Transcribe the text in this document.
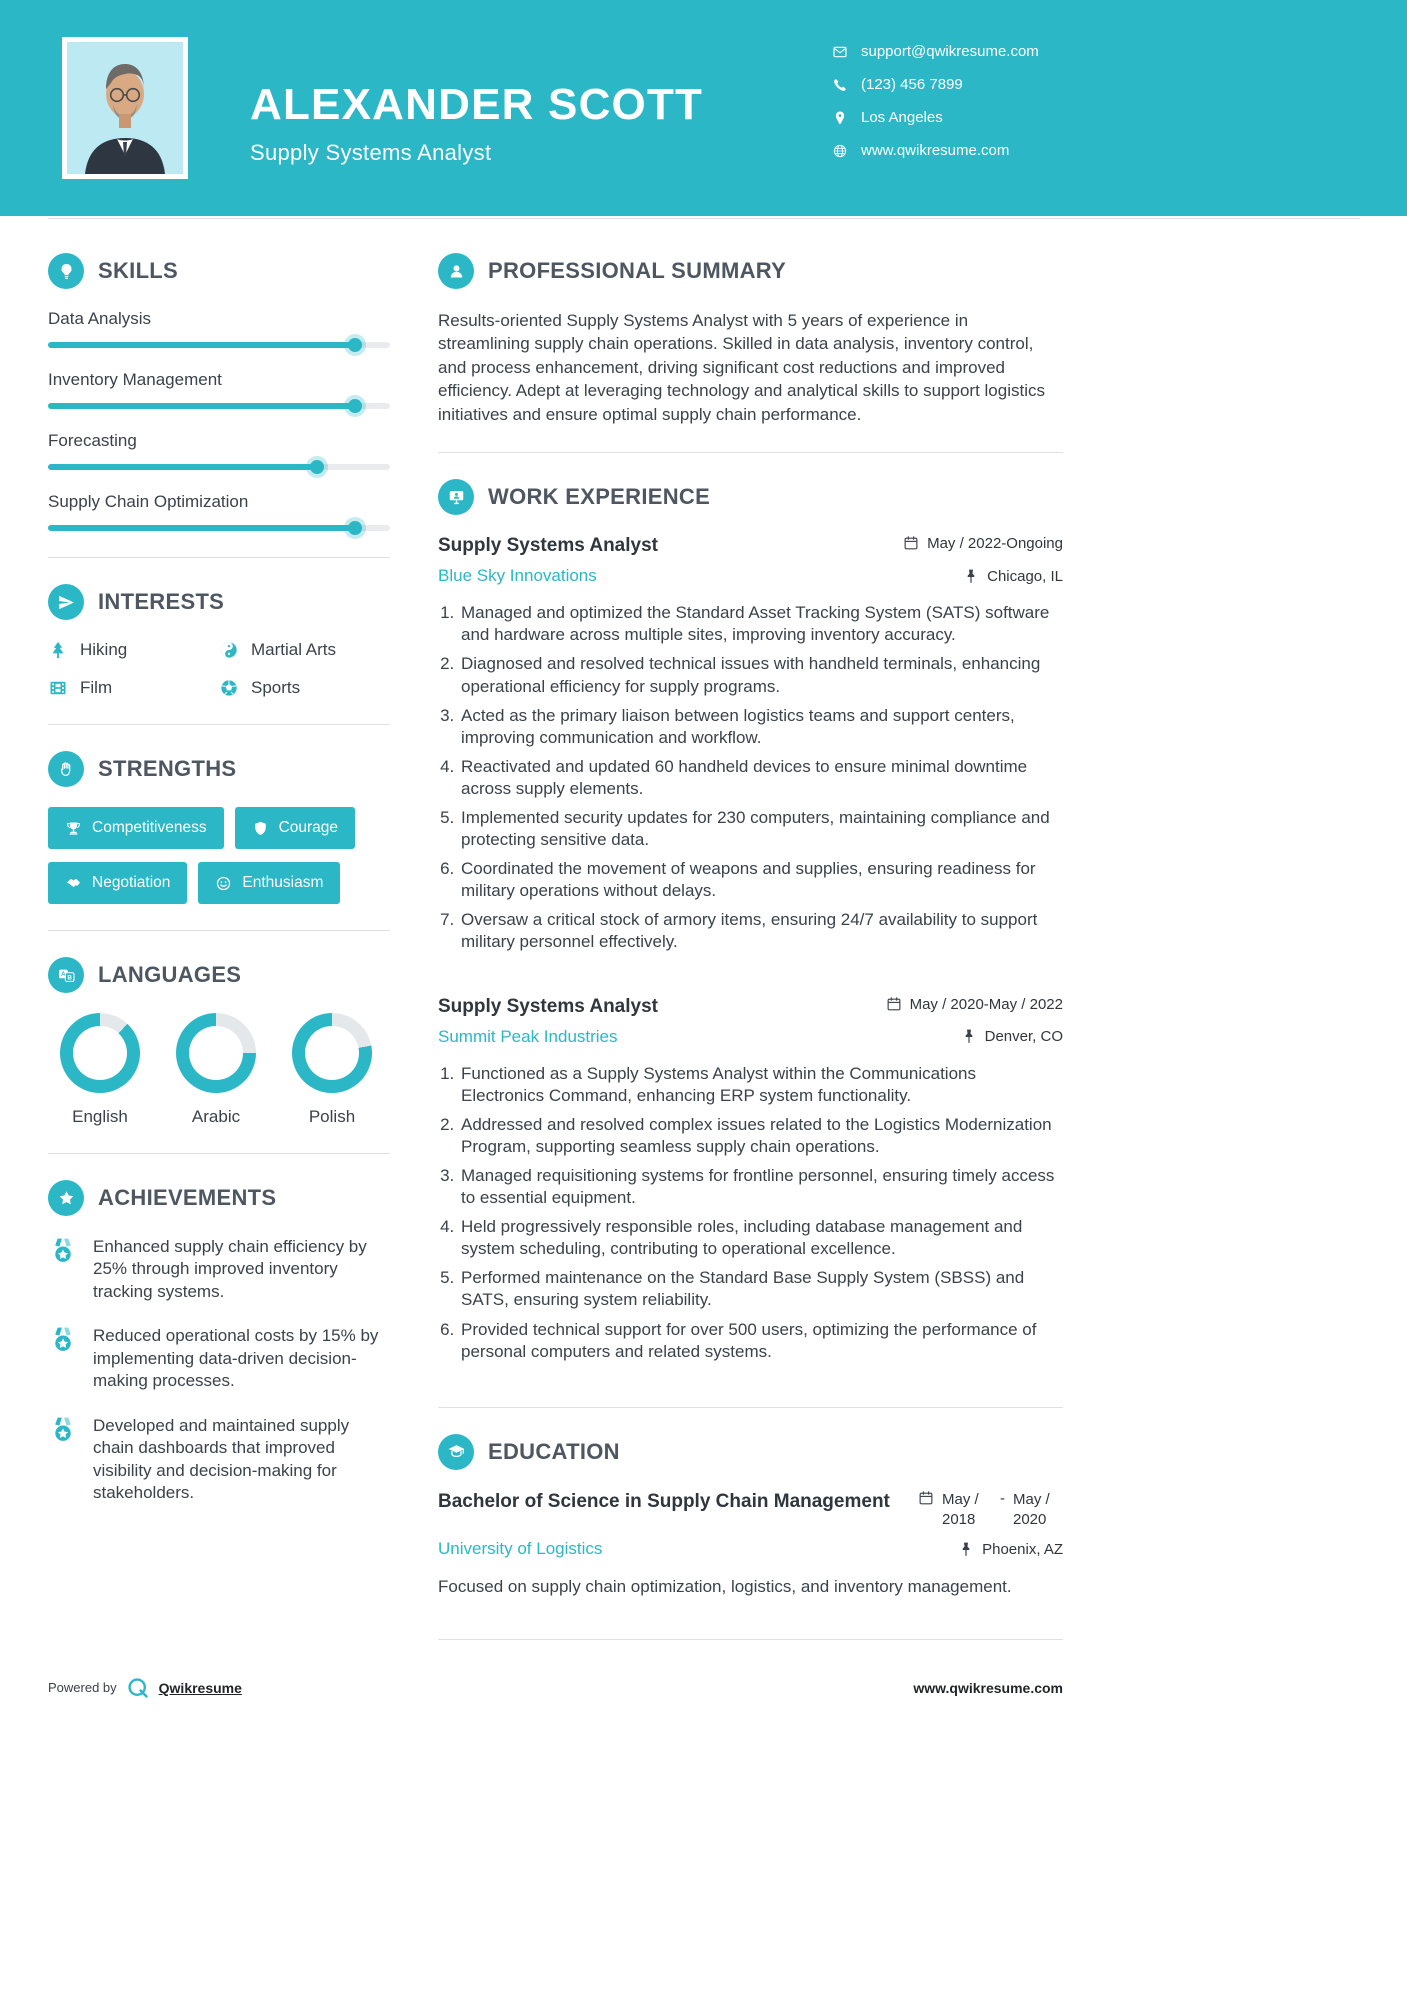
ALEXANDER SCOTT
Supply Systems Analyst
support@qwikresume.com
(123) 456 7899
Los Angeles
www.qwikresume.com
SKILLS
Data Analysis
Inventory Management
Forecasting
Supply Chain Optimization
INTERESTS
Hiking	Martial Arts
Film	Sports
STRENGTHS
Competitiveness	Courage
Negotiation	Enthusiasm
A B LANGUAGES
English	Arabic	Polish
ACHIEVEMENTS
Enhanced supply chain efficiency by 25% through improved inventory tracking systems.
Reduced operational costs by 15% by implementing data-driven decision-making processes.
Developed and maintained supply chain dashboards that improved visibility and decision-making for stakeholders.
PROFESSIONAL SUMMARY

Results-oriented Supply Systems Analyst with 5 years of experience in streamlining supply chain operations. Skilled in data analysis, inventory control, and process enhancement, driving significant cost reductions and improved efficiency. Adept at leveraging technology and analytical skills to support logistics initiatives and ensure optimal supply chain performance.

WORK EXPERIENCE
Supply Systems Analyst	May / 2022-Ongoing
Blue Sky Innovations	Chicago, IL
1. Managed and optimized the Standard Asset Tracking System (SATS) software and hardware across multiple sites, improving inventory accuracy.
2. Diagnosed and resolved technical issues with handheld terminals, enhancing operational efficiency for supply programs.
3. Acted as the primary liaison between logistics teams and support centers, improving communication and workflow.
4. Reactivated and updated 60 handheld devices to ensure minimal downtime across supply elements.
5. Implemented security updates for 230 computers, maintaining compliance and protecting sensitive data.
6. Coordinated the movement of weapons and supplies, ensuring readiness for military operations without delays.
7. Oversaw a critical stock of armory items, ensuring 24/7 availability to support military personnel effectively.
Supply Systems Analyst	May / 2020-May / 2022
Summit Peak Industries	Denver, CO
1. Functioned as a Supply Systems Analyst within the Communications Electronics Command, enhancing ERP system functionality.
2. Addressed and resolved complex issues related to the Logistics Modernization Program, supporting seamless supply chain operations.
3. Managed requisitioning systems for frontline personnel, ensuring timely access to essential equipment.
4. Held progressively responsible roles, including database management and system scheduling, contributing to operational excellence.
5. Performed maintenance on the Standard Base Supply System (SBSS) and SATS, ensuring system reliability.
6. Provided technical support for over 500 users, optimizing the performance of personal computers and related systems.
EDUCATION
Bachelor of Science in Supply Chain Management	May / 2018
- May / 2020
University of Logistics	Phoenix, AZ

Focused on supply chain optimization, logistics, and inventory management.

Powered by	Qwikresume	www.qwikresume.com
